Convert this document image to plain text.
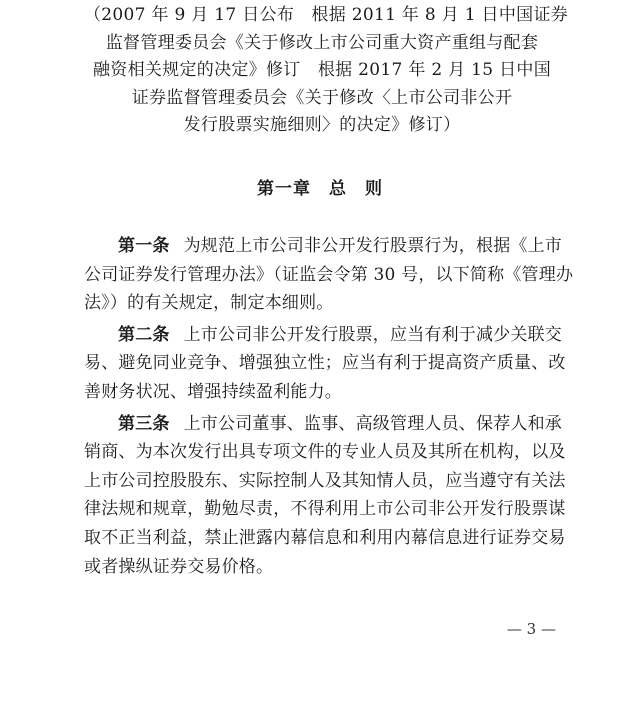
（2007 年 9 月 17 日公布　根据 2011 年 8 月 1 日中国证券
监督管理委员会《关于修改上市公司重大资产重组与配套
融资相关规定的决定》修订　根据 2017 年 2 月 15 日中国
证券监督管理委员会《关于修改〈上市公司非公开
发行股票实施细则〉的决定》修订）
第一章　总　则
第一条 为规范上市公司非公开发行股票行为，根据《上市
公司证券发行管理办法》（证监会令第 30 号，以下简称《管理办
法》）的有关规定，制定本细则。
第二条 上市公司非公开发行股票，应当有利于减少关联交
易、避免同业竞争、增强独立性；应当有利于提高资产质量、改
善财务状况、增强持续盈利能力。
第三条 上市公司董事、监事、高级管理人员、保荐人和承
销商、为本次发行出具专项文件的专业人员及其所在机构，以及
上市公司控股股东、实际控制人及其知情人员，应当遵守有关法
律法规和规章，勤勉尽责，不得利用上市公司非公开发行股票谋
取不正当利益，禁止泄露内幕信息和利用内幕信息进行证券交易
或者操纵证券交易价格。
— 3 —
